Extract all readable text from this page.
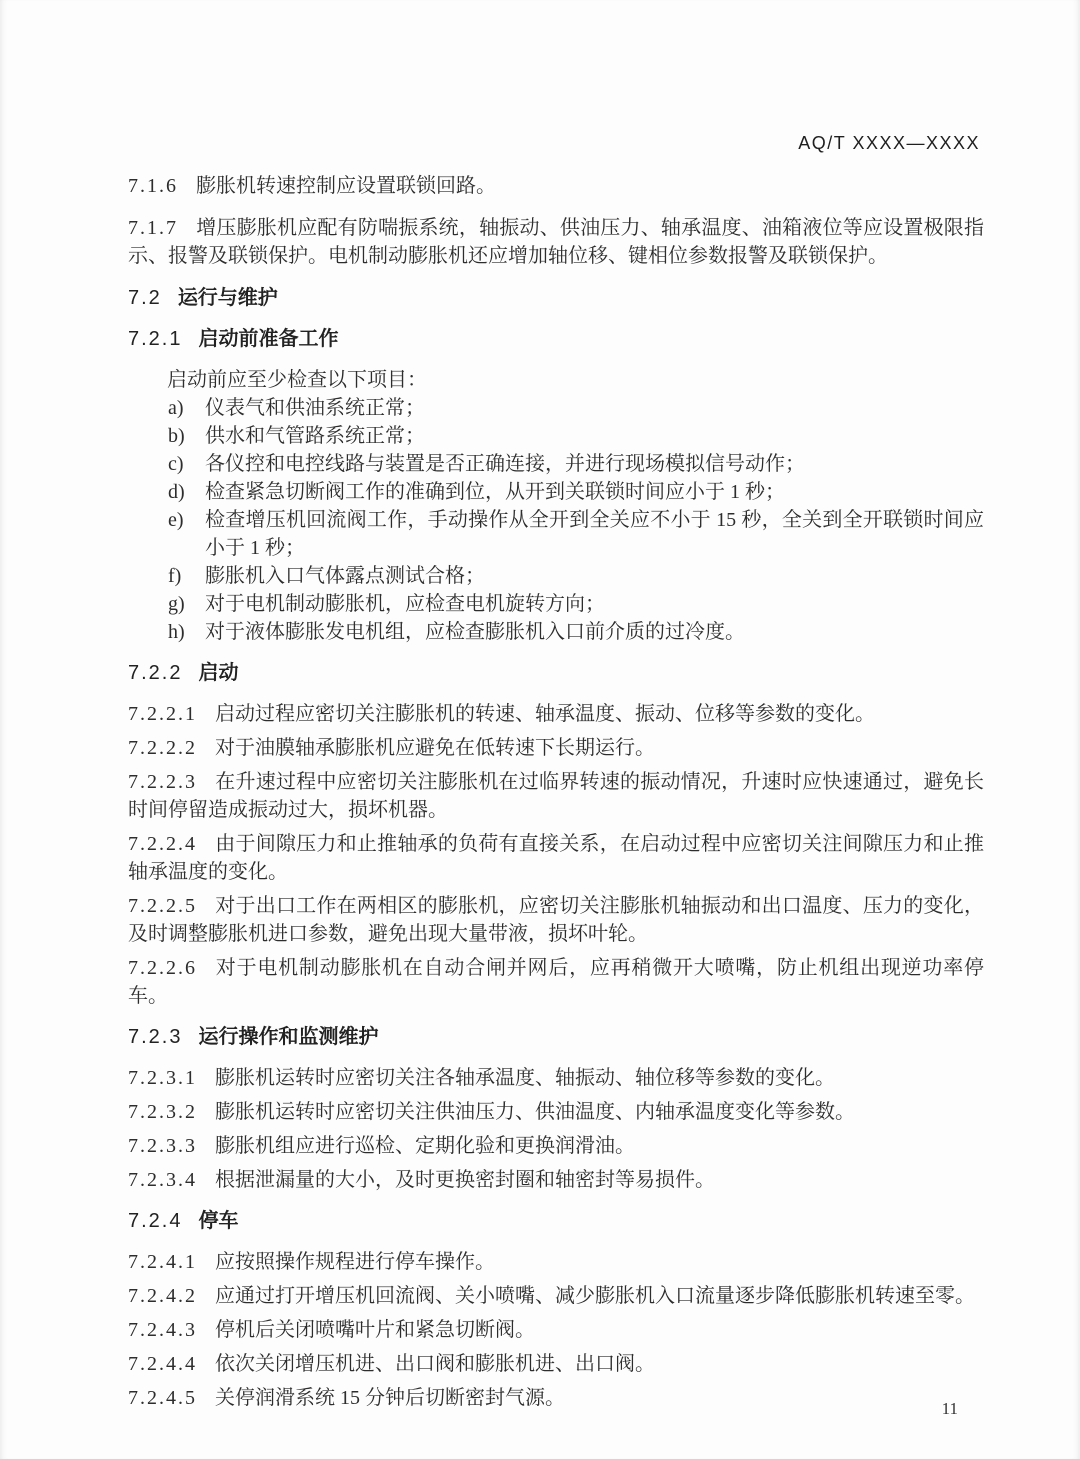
AQ/T XXXX—XXXX

7.1.6 膨胀机转速控制应设置联锁回路。

7.1.7 增压膨胀机应配有防喘振系统，轴振动、供油压力、轴承温度、油箱液位等应设置极限指示、报警及联锁保护。电机制动膨胀机还应增加轴位移、键相位参数报警及联锁保护。

7.2 运行与维护
7.2.1 启动前准备工作

启动前应至少检查以下项目：

a) 仪表气和供油系统正常；
b) 供水和气管路系统正常；
c) 各仪控和电控线路与装置是否正确连接，并进行现场模拟信号动作；
d) 检查紧急切断阀工作的准确到位，从开到关联锁时间应小于 1 秒；
e) 检查增压机回流阀工作，手动操作从全开到全关应不小于 15 秒，全关到全开联锁时间应小于 1 秒；
f) 膨胀机入口气体露点测试合格；
g) 对于电机制动膨胀机，应检查电机旋转方向；
h) 对于液体膨胀发电机组，应检查膨胀机入口前介质的过冷度。
7.2.2 启动

7.2.2.1 启动过程应密切关注膨胀机的转速、轴承温度、振动、位移等参数的变化。

7.2.2.2 对于油膜轴承膨胀机应避免在低转速下长期运行。

7.2.2.3 在升速过程中应密切关注膨胀机在过临界转速的振动情况，升速时应快速通过，避免长时间停留造成振动过大，损坏机器。

7.2.2.4 由于间隙压力和止推轴承的负荷有直接关系，在启动过程中应密切关注间隙压力和止推轴承温度的变化。

7.2.2.5 对于出口工作在两相区的膨胀机，应密切关注膨胀机轴振动和出口温度、压力的变化，及时调整膨胀机进口参数，避免出现大量带液，损坏叶轮。

7.2.2.6 对于电机制动膨胀机在自动合闸并网后，应再稍微开大喷嘴，防止机组出现逆功率停车。

7.2.3 运行操作和监测维护

7.2.3.1 膨胀机运转时应密切关注各轴承温度、轴振动、轴位移等参数的变化。

7.2.3.2 膨胀机运转时应密切关注供油压力、供油温度、内轴承温度变化等参数。

7.2.3.3 膨胀机组应进行巡检、定期化验和更换润滑油。

7.2.3.4 根据泄漏量的大小，及时更换密封圈和轴密封等易损件。

7.2.4 停车

7.2.4.1 应按照操作规程进行停车操作。

7.2.4.2 应通过打开增压机回流阀、关小喷嘴、减少膨胀机入口流量逐步降低膨胀机转速至零。

7.2.4.3 停机后关闭喷嘴叶片和紧急切断阀。

7.2.4.4 依次关闭增压机进、出口阀和膨胀机进、出口阀。

7.2.4.5 关停润滑系统 15 分钟后切断密封气源。	11
